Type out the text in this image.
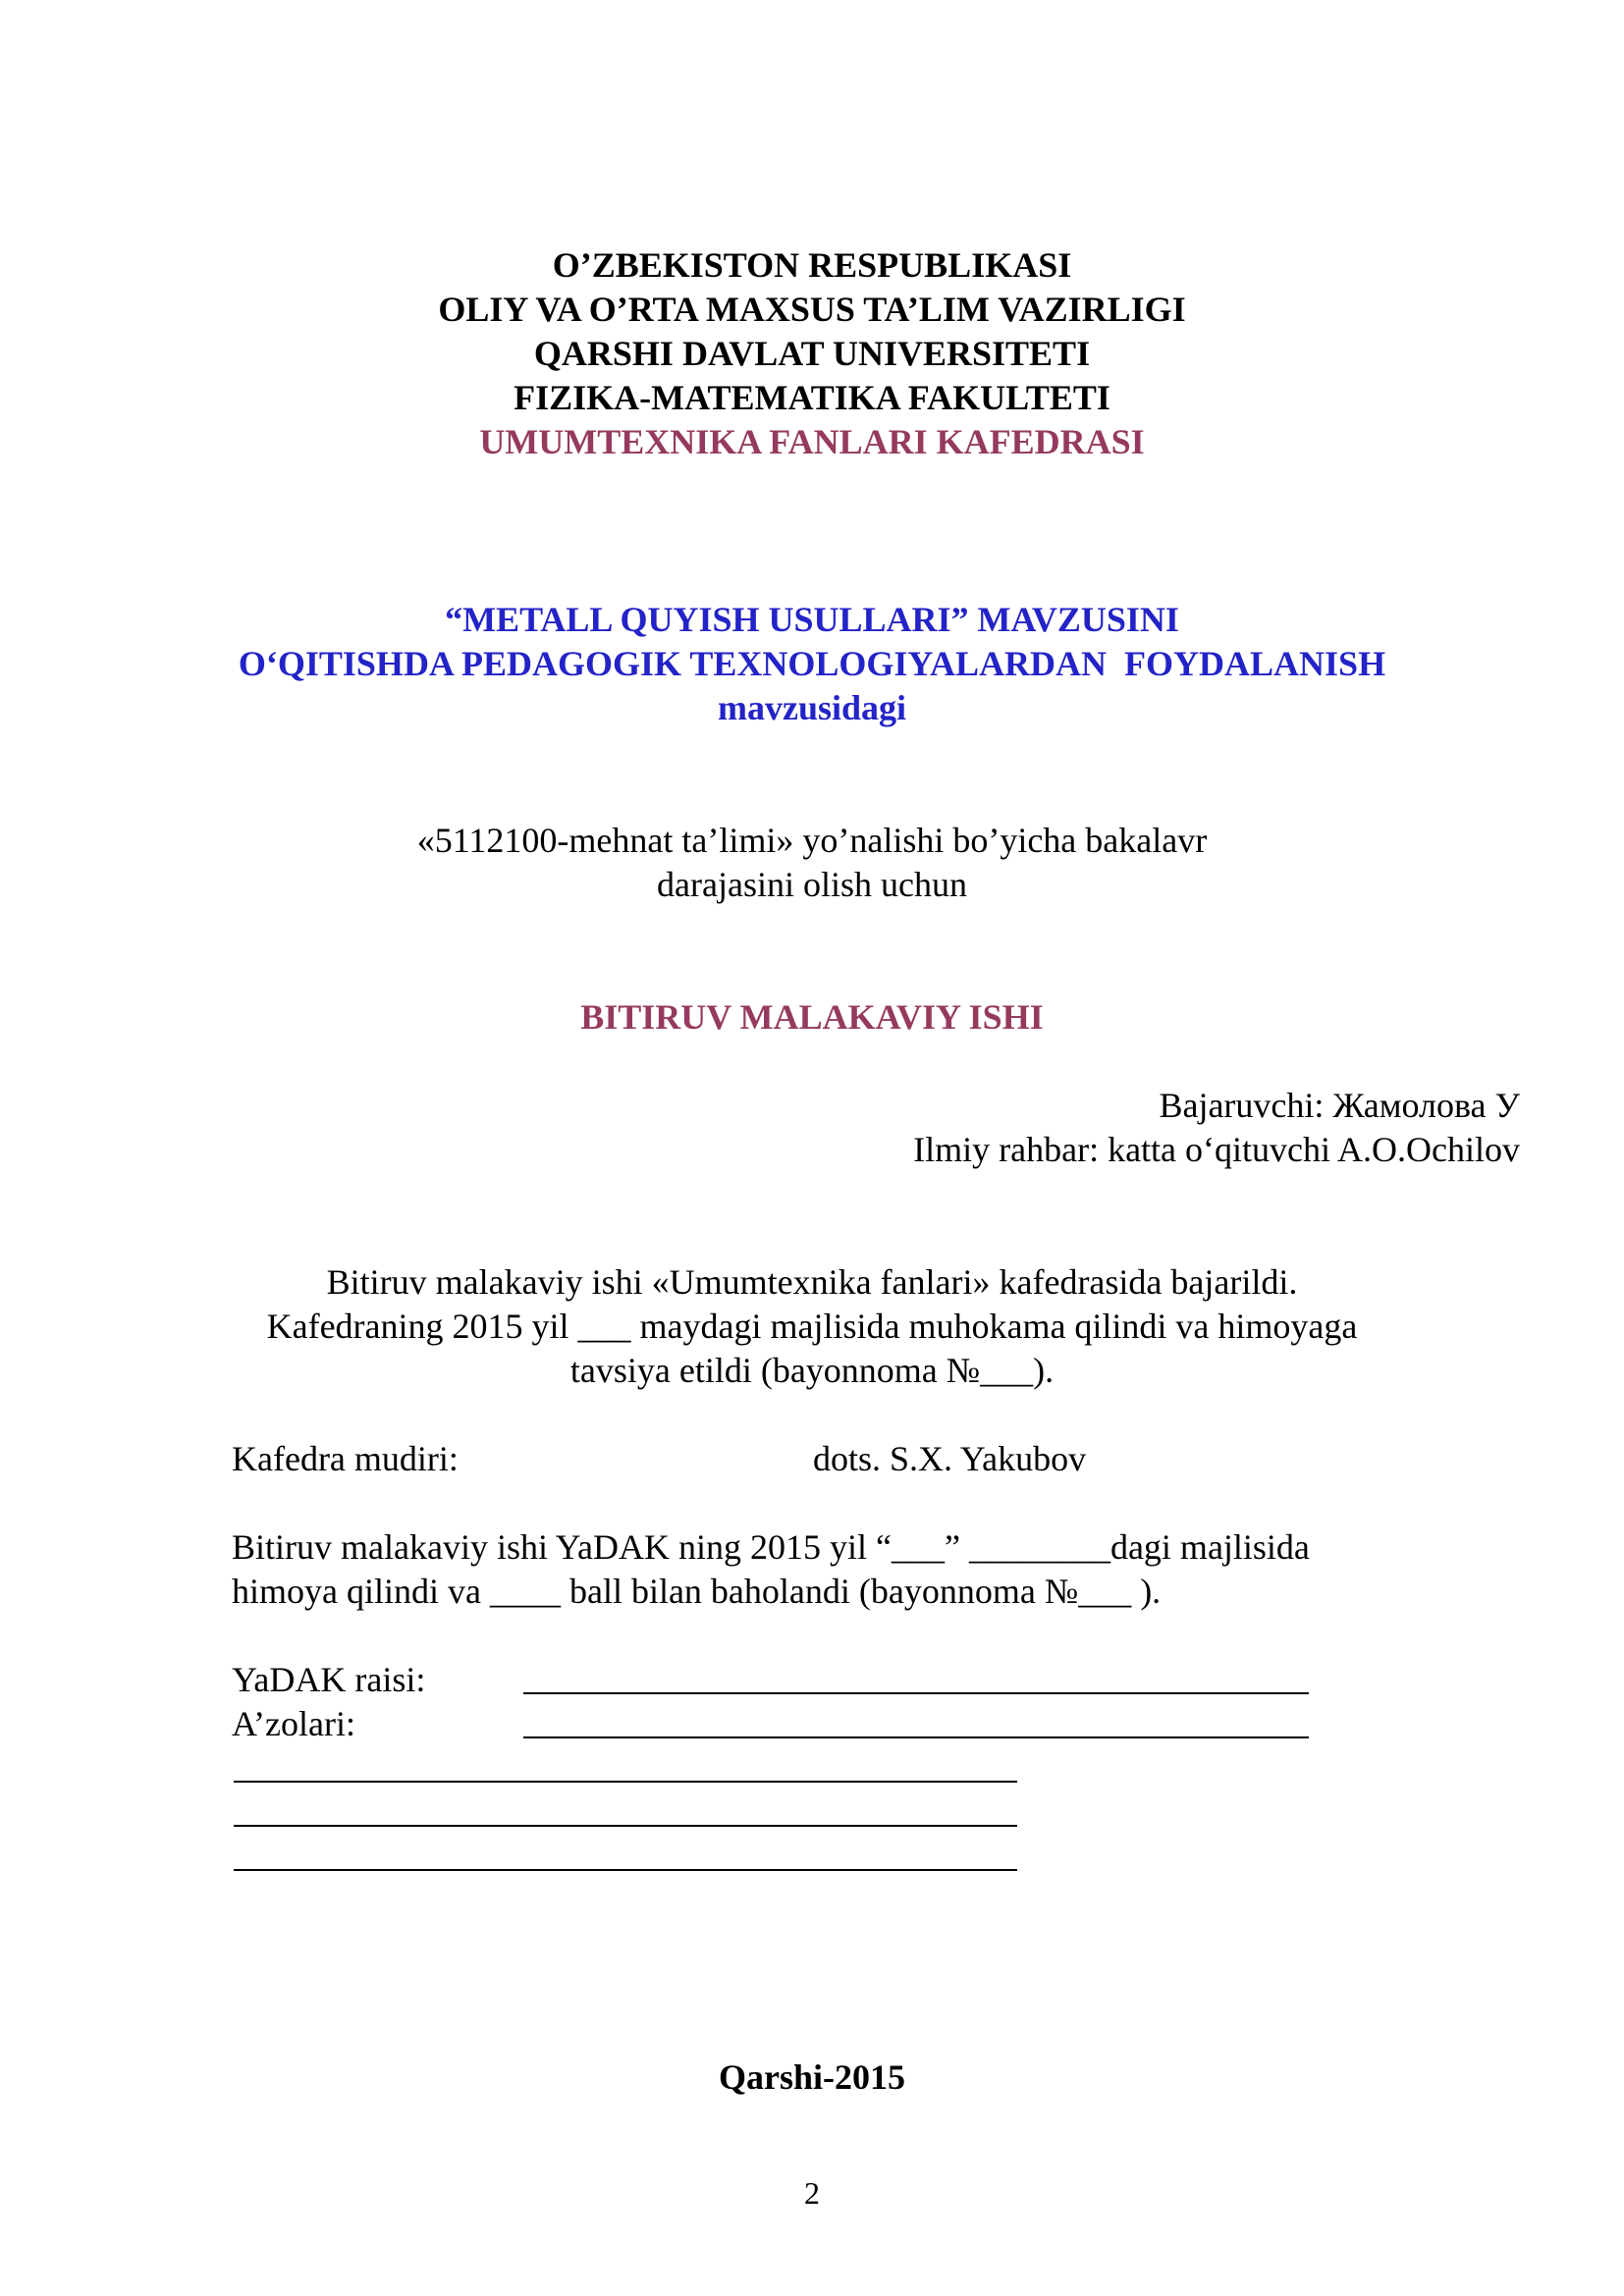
O’ZBEKISTON RESPUBLIKASI
OLIY VA O’RTA MAXSUS TA’LIM VAZIRLIGI
QARSHI DAVLAT UNIVERSITETI
FIZIKA-MATEMATIKA FAKULTETI
UMUMTEXNIKA FANLARI KAFEDRASI
“METALL QUYISH USULLARI” MAVZUSINI
O‘QITISHDA PEDAGOGIK TEXNOLOGIYALARDAN  FOYDALANISH
mavzusidagi
«5112100-mehnat ta’limi» yo’nalishi bo’yicha bakalavr
darajasini olish uchun
BITIRUV MALAKAVIY ISHI
Bajaruvchi: Жамолова У
Ilmiy rahbar: katta o‘qituvchi A.O.Ochilov
Bitiruv malakaviy ishi «Umumtexnika fanlari» kafedrasida bajarildi.
Kafedraning 2015 yil ___ maydagi majlisida muhokama qilindi va himoyaga
tavsiya etildi (bayonnoma №___).
Kafedra mudiri:	dots. S.X. Yakubov
Bitiruv malakaviy ishi YaDAK ning 2015 yil “___” ________dagi majlisida
himoya qilindi va ____ ball bilan baholandi (bayonnoma №___ ).
YaDAK raisi:
A’zolari:
Qarshi-2015
2
